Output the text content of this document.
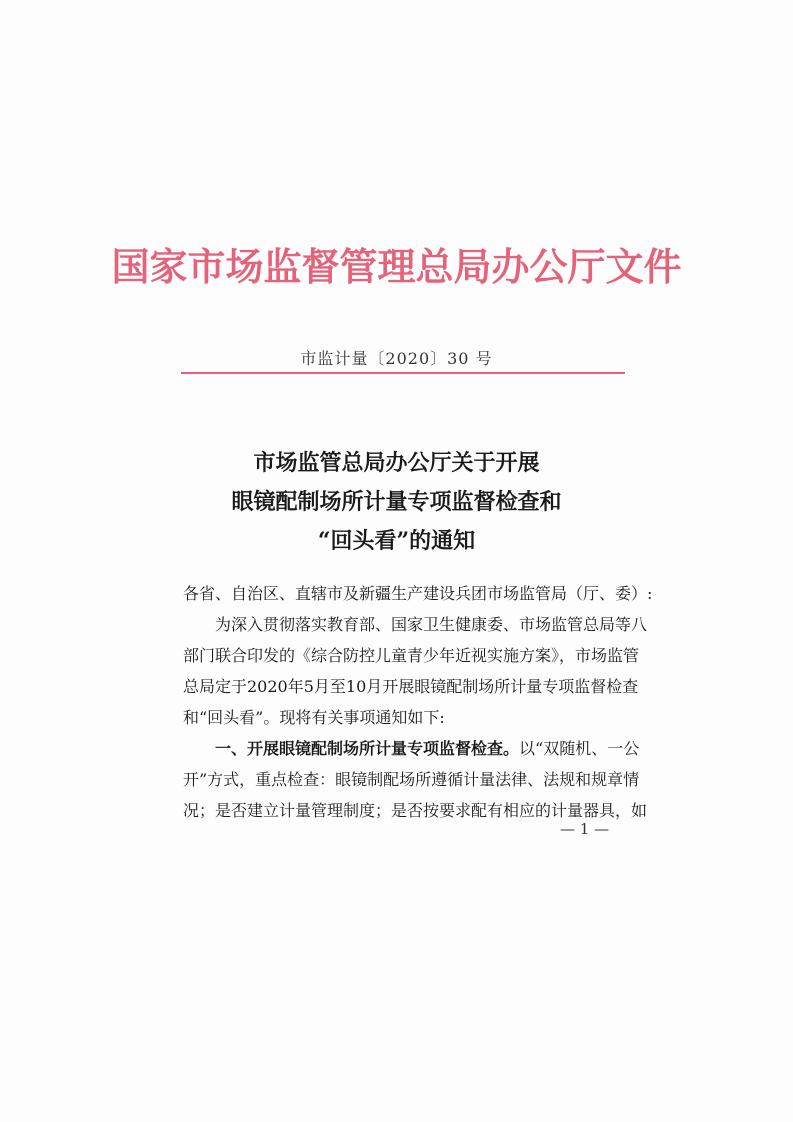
国家市场监督管理总局办公厅文件
市监计量〔2020〕30 号
市场监管总局办公厅关于开展
眼镜配制场所计量专项监督检查和
“回头看”的通知
各省、自治区、直辖市及新疆生产建设兵团市场监管局（厅、委）:
为深入贯彻落实教育部、国家卫生健康委、市场监管总局等八
部门联合印发的《综合防控儿童青少年近视实施方案》，市场监管
总局定于2020年5月至10月开展眼镜配制场所计量专项监督检查
和“回头看”。现将有关事项通知如下:
一、开展眼镜配制场所计量专项监督检查。以“双随机、一公
开”方式，重点检查：眼镜制配场所遵循计量法律、法规和规章情
况；是否建立计量管理制度；是否按要求配有相应的计量器具，如
— 1 —
